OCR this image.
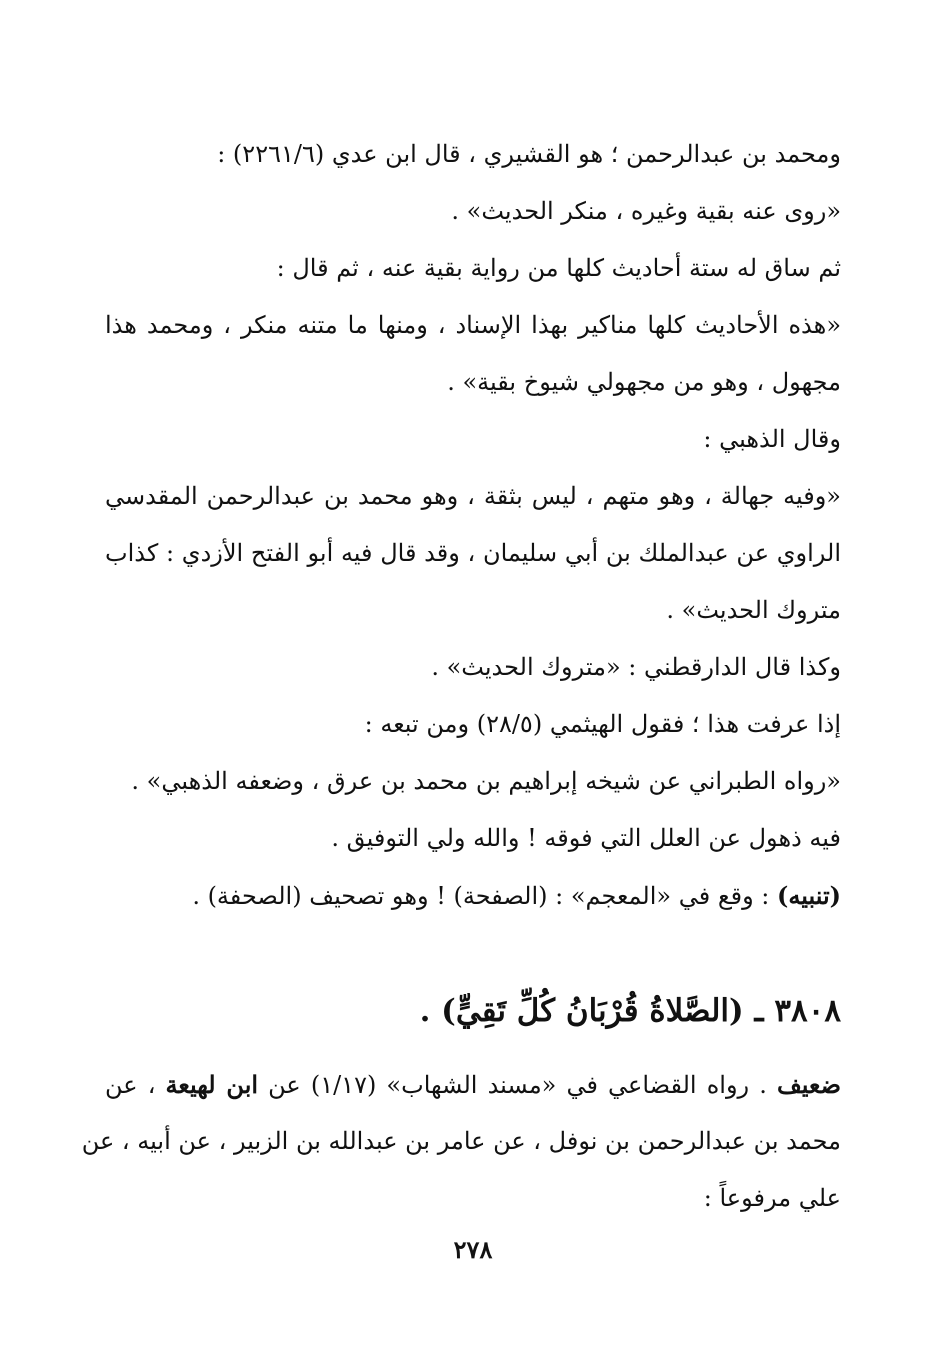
ومحمد بن عبدالرحمن ؛ هو القشيري ، قال ابن عدي (٢٢٦١/٦) :
«روى عنه بقية وغيره ، منكر الحديث» .
ثم ساق له ستة أحاديث كلها من رواية بقية عنه ، ثم قال :
«هذه الأحاديث كلها مناكير بهذا الإسناد ، ومنها ما متنه منكر ، ومحمد هذا
مجهول ، وهو من مجهولي شيوخ بقية» .
وقال الذهبي :
«وفيه جهالة ، وهو متهم ، ليس بثقة ، وهو محمد بن عبدالرحمن المقدسي
الراوي عن عبدالملك بن أبي سليمان ، وقد قال فيه أبو الفتح الأزدي : كذاب
متروك الحديث» .
وكذا قال الدارقطني : «متروك الحديث» .
إذا عرفت هذا ؛ فقول الهيثمي (٢٨/٥) ومن تبعه :
«رواه الطبراني عن شيخه إبراهيم بن محمد بن عرق ، وضعفه الذهبي» .
فيه ذهول عن العلل التي فوقه ! والله ولي التوفيق .
(تنبيه) : وقع في «المعجم» : (الصفحة) ! وهو تصحيف (الصحفة) .
٣٨٠٨ ـ (الصَّلاةُ قُرْبَانُ كُلِّ تَقِيٍّ) .
ضعيف . رواه القضاعي في «مسند الشهاب» (١/١٧) عن ابن لهيعة ، عن
محمد بن عبدالرحمن بن نوفل ، عن عامر بن عبدالله بن الزبير ، عن أبيه ، عن
علي مرفوعاً :
٢٧٨
